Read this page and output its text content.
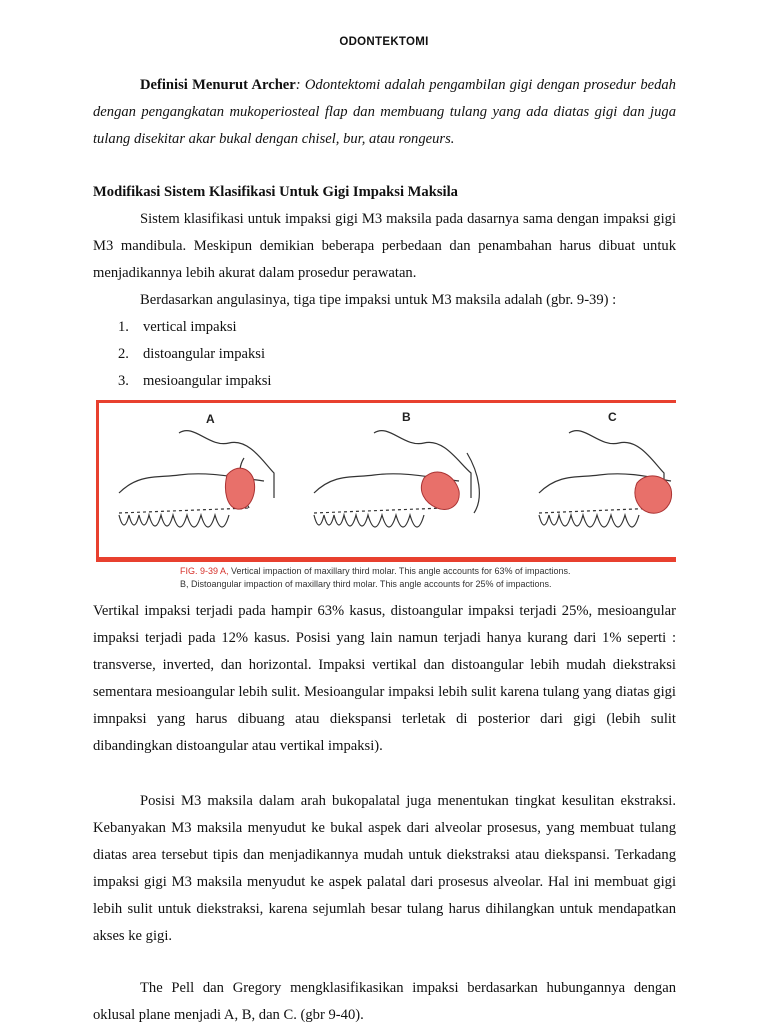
ODONTEKTOMI

Definisi Menurut Archer: Odontektomi adalah pengambilan gigi dengan prosedur bedah dengan pengangkatan mukoperiosteal flap dan membuang tulang yang ada diatas gigi dan juga tulang disekitar akar bukal dengan chisel, bur, atau rongeurs.

Modifikasi Sistem Klasifikasi Untuk Gigi Impaksi Maksila

Sistem klasifikasi untuk impaksi gigi M3 maksila pada dasarnya sama dengan impaksi gigi M3 mandibula. Meskipun demikian beberapa perbedaan dan penambahan harus dibuat untuk menjadikannya lebih akurat dalam prosedur perawatan.

Berdasarkan angulasinya, tiga tipe impaksi untuk M3 maksila adalah (gbr. 9-39) :

1. vertical impaksi
2. distoangular impaksi
3. mesioangular impaksi
A	B	C
FIG. 9-39 A, Vertical impaction of maxillary third molar. This angle accounts for 63% of impactions.
B, Distoangular impaction of maxillary third molar. This angle accounts for 25% of impactions.

Vertikal impaksi terjadi pada hampir 63% kasus, distoangular impaksi terjadi 25%, mesioangular impaksi terjadi pada 12% kasus. Posisi yang lain namun terjadi hanya kurang dari 1% seperti : transverse, inverted, dan horizontal. Impaksi vertikal dan distoangular lebih mudah diekstraksi sementara mesioangular lebih sulit. Mesioangular impaksi lebih sulit karena tulang yang diatas gigi imnpaksi yang harus dibuang atau diekspansi terletak di posterior dari gigi (lebih sulit dibandingkan distoangular atau vertikal impaksi).

Posisi M3 maksila dalam arah bukopalatal juga menentukan tingkat kesulitan ekstraksi. Kebanyakan M3 maksila menyudut ke bukal aspek dari alveolar prosesus, yang membuat tulang diatas area tersebut tipis dan menjadikannya mudah untuk diekstraksi atau diekspansi. Terkadang impaksi gigi M3 maksila menyudut ke aspek palatal dari prosesus alveolar. Hal ini membuat gigi lebih sulit untuk diekstraksi, karena sejumlah besar tulang harus dihilangkan untuk mendapatkan akses ke gigi.

The Pell dan Gregory mengklasifikasikan impaksi berdasarkan hubungannya dengan oklusal plane menjadi A, B, dan C. (gbr 9-40).
